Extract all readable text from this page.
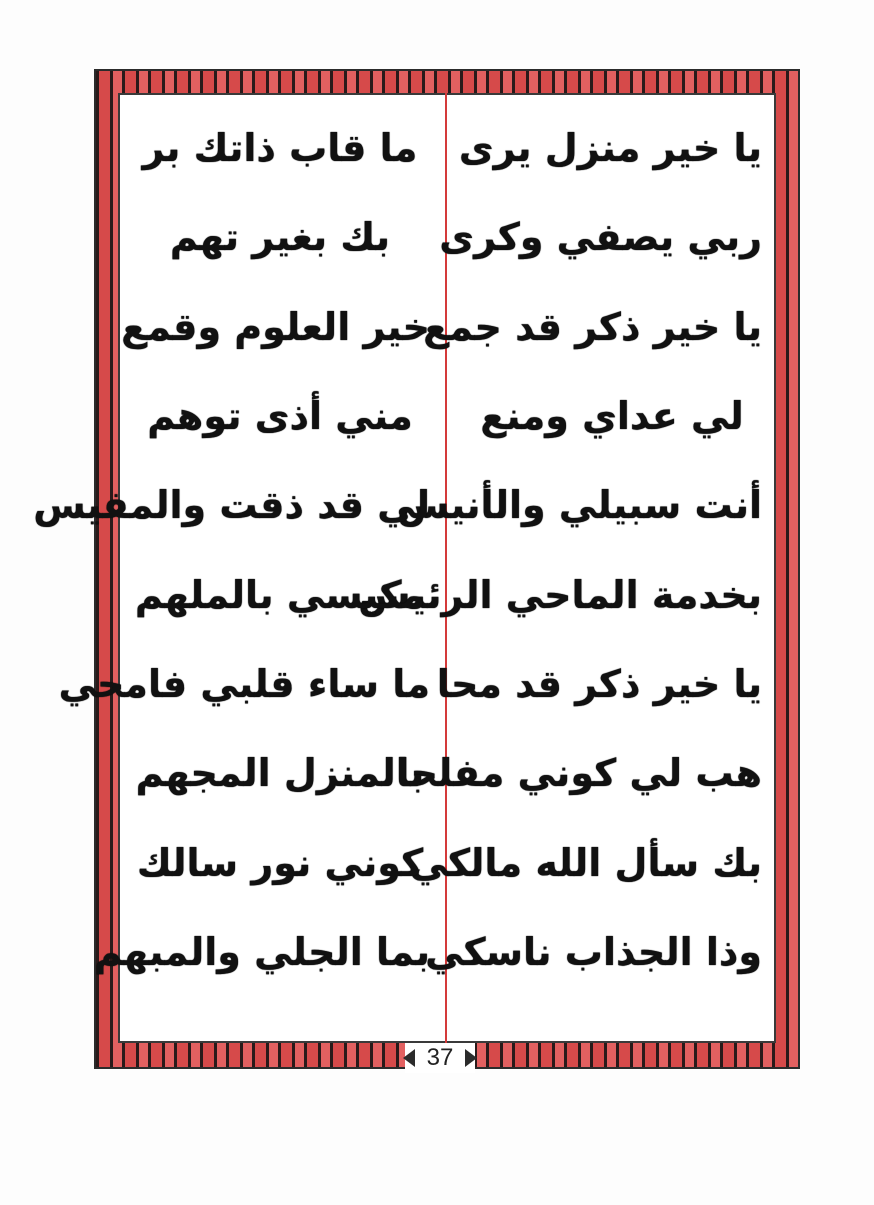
يا خير منزل يرى
ربي يصفي وكرى
يا خير ذكر قد جمع
لي عداي ومنع
أنت سبيلي والأنيس
بخدمة الماحي الرئيس
يا خير ذكر قد محا
هب لي كوني مفلحا
بك سأل الله مالكي
وذا الجذاب ناسكي
ما قاب ذاتك بر
بك بغير تهم
خير العلوم وقمع
مني أذى توهم
لي قد ذقت والمفيس
مكيسي بالملهم
ما ساء قلبي فامحي
بالمنزل المجهم
كوني نور سالك
بما الجلي والمبهم
37
